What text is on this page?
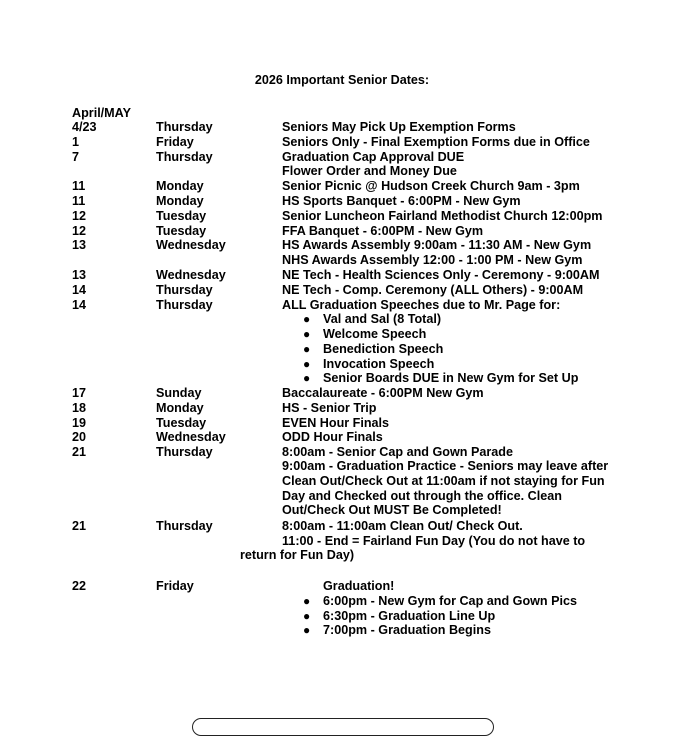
2026 Important Senior Dates:
April/MAY
4/23	Thursday	Seniors May Pick Up Exemption Forms
1	Friday	Seniors Only - Final Exemption Forms due in Office
7	Thursday	Graduation Cap Approval DUE
Flower Order and Money Due
11	Monday	Senior Picnic @ Hudson Creek Church 9am - 3pm
11	Monday	HS Sports Banquet - 6:00PM - New Gym
12	Tuesday	Senior Luncheon Fairland Methodist Church 12:00pm
12	Tuesday	FFA Banquet - 6:00PM - New Gym
13	Wednesday	HS Awards Assembly 9:00am - 11:30 AM - New Gym
NHS Awards Assembly 12:00 - 1:00 PM - New Gym
13	Wednesday	NE Tech - Health Sciences Only - Ceremony - 9:00AM
14	Thursday	NE Tech - Comp. Ceremony (ALL Others) - 9:00AM
14	Thursday	ALL Graduation Speeches due to Mr. Page for:
● Val and Sal (8 Total)
● Welcome Speech
● Benediction Speech
● Invocation Speech
● Senior Boards DUE in New Gym for Set Up
17	Sunday	Baccalaureate - 6:00PM New Gym
18	Monday	HS - Senior Trip
19	Tuesday	EVEN Hour Finals
20	Wednesday	ODD Hour Finals
21	Thursday	8:00am - Senior Cap and Gown Parade
9:00am - Graduation Practice - Seniors may leave after
Clean Out/Check Out at 11:00am if not staying for Fun
Day and Checked out through the office. Clean
Out/Check Out MUST Be Completed!
21	Thursday	8:00am - 11:00am Clean Out/ Check Out.
11:00 - End = Fairland Fun Day (You do not have to
return for Fun Day)
22	Friday	Graduation!
● 6:00pm - New Gym for Cap and Gown Pics
● 6:30pm - Graduation Line Up
● 7:00pm - Graduation Begins
